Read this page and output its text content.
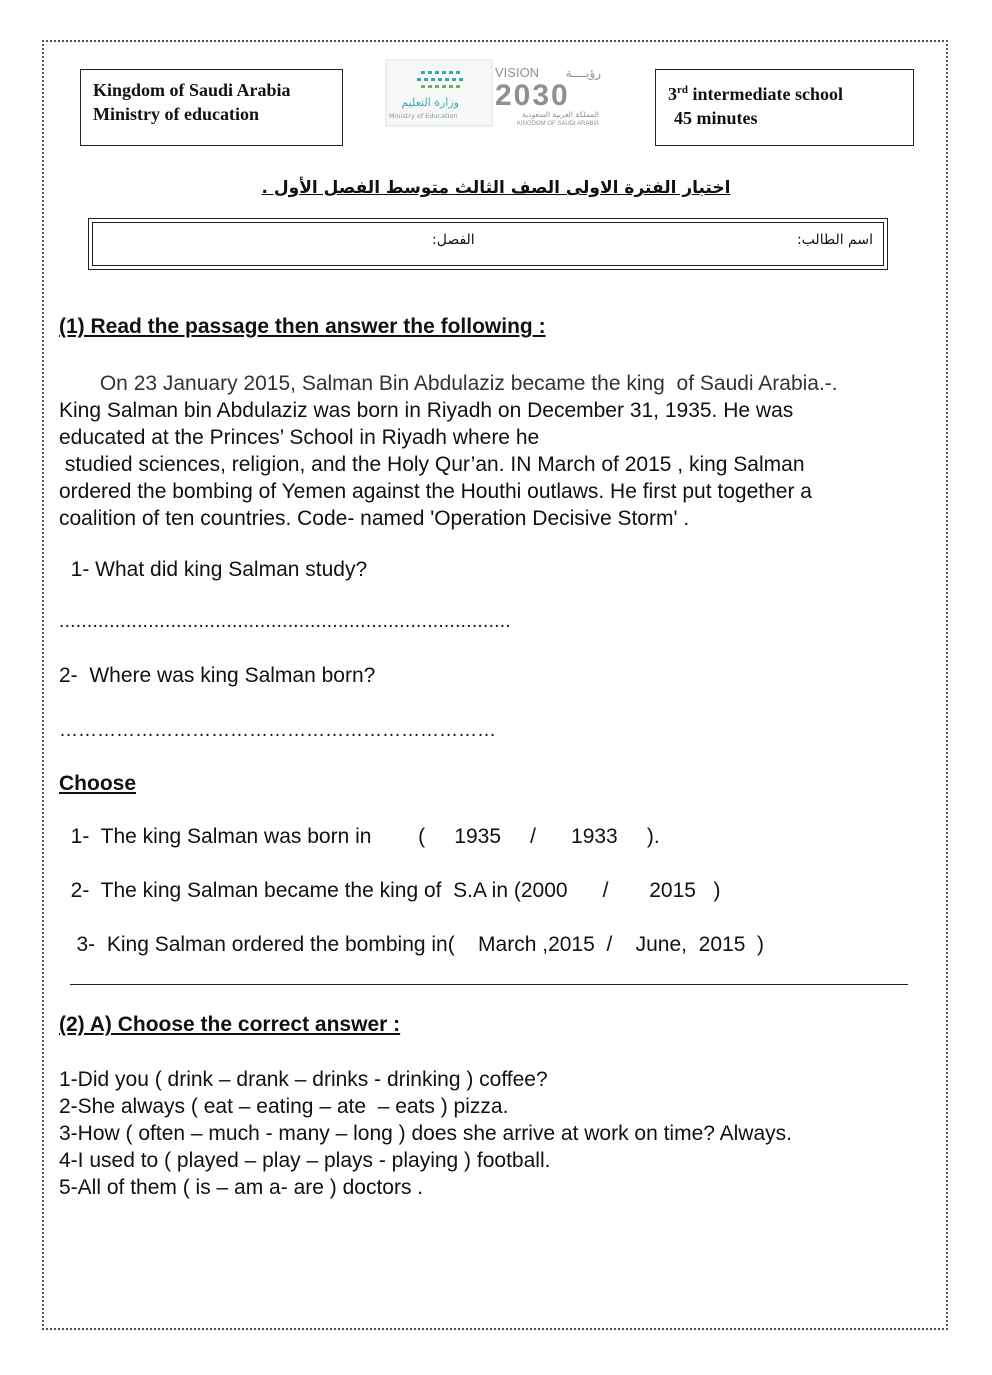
Kingdom of Saudi Arabia
Ministry of education
وزارة التعليم
Ministry of Education
VISION رؤيــــة
2030
المملكة العربية السعودية
KINGDOM OF SAUDI ARABIA
3rd intermediate school
45 minutes
اختبار الفترة الاولى الصف الثالث متوسط الفصل الأول .
اسم الطالب:
الفصل:
(1) Read the passage then answer the following :
On 23 January 2015, Salman Bin Abdulaziz became the king  of Saudi Arabia.-.
King Salman bin Abdulaziz was born in Riyadh on December 31, 1935. He was
educated at the Princes’ School in Riyadh where he
studied sciences, religion, and the Holy Qur’an. IN March of 2015 , king Salman
ordered the bombing of Yemen against the Houthi outlaws. He first put together a
coalition of ten countries. Code- named 'Operation Decisive Storm' .
1- What did king Salman study?
.................................................................................
2-  Where was king Salman born?
……………………………………………………………
Choose
1-  The king Salman was born in        (     1935     /      1933     ).
2-  The king Salman became the king of  S.A in (2000      /       2015   )
3-  King Salman ordered the bombing in(    March ,2015  /    June,  2015  )
(2) A) Choose the correct answer :
1-Did you ( drink – drank – drinks - drinking ) coffee?
2-She always ( eat – eating – ate  – eats ) pizza.
3-How ( often – much - many – long ) does she arrive at work on time? Always.
4-I used to ( played – play – plays - playing ) football.
5-All of them ( is – am a- are ) doctors .
